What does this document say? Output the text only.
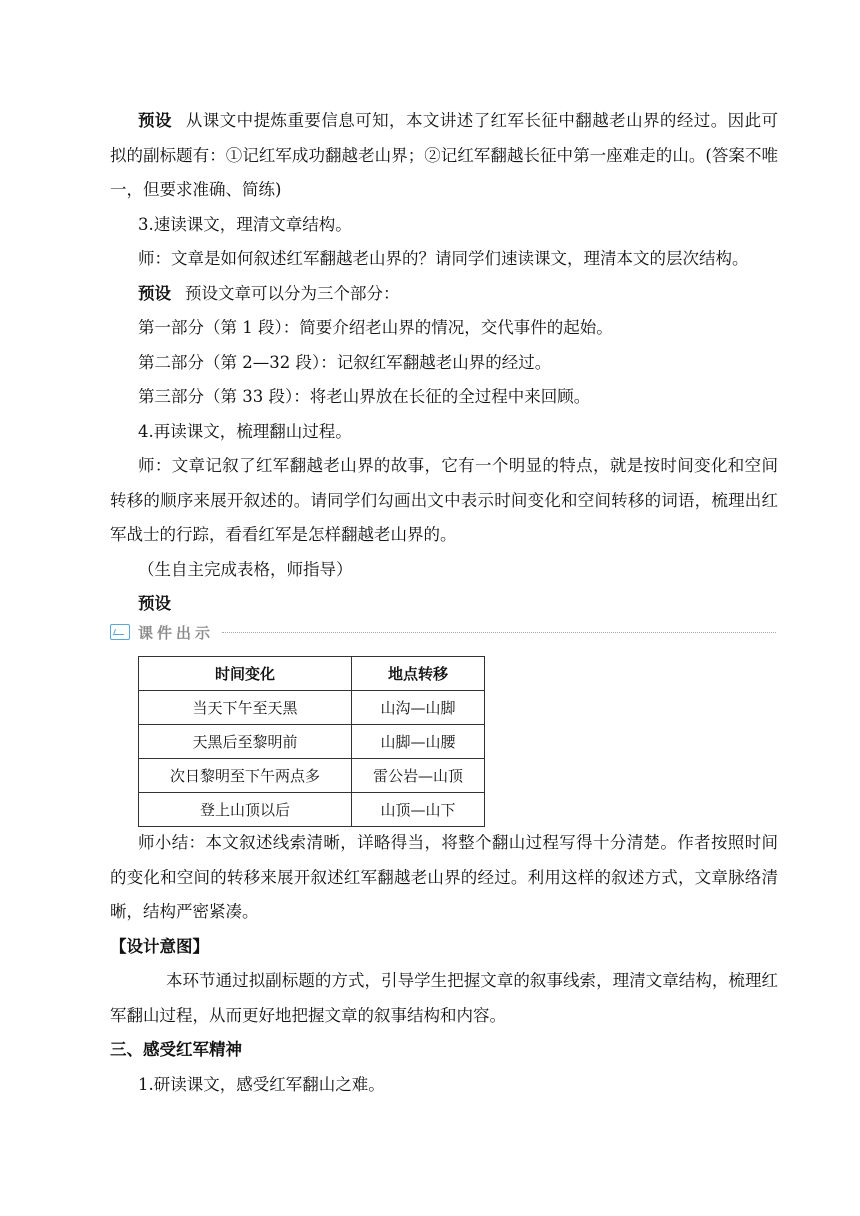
预设 从课文中提炼重要信息可知，本文讲述了红军长征中翻越老山界的经过。因此可拟的副标题有：①记红军成功翻越老山界；②记红军翻越长征中第一座难走的山。(答案不唯一，但要求准确、简练)

3.速读课文，理清文章结构。

师：文章是如何叙述红军翻越老山界的？请同学们速读课文，理清本文的层次结构。

预设 预设文章可以分为三个部分：

第一部分（第 1 段）：简要介绍老山界的情况，交代事件的起始。

第二部分（第 2—32 段）：记叙红军翻越老山界的经过。

第三部分（第 33 段）：将老山界放在长征的全过程中来回顾。

4.再读课文，梳理翻山过程。

师：文章记叙了红军翻越老山界的故事，它有一个明显的特点，就是按时间变化和空间转移的顺序来展开叙述的。请同学们勾画出文中表示时间变化和空间转移的词语，梳理出红军战士的行踪，看看红军是怎样翻越老山界的。

（生自主完成表格，师指导）

预设

课件出示
时间变化	地点转移
当天下午至天黑	山沟—山脚
天黑后至黎明前	山脚—山腰
次日黎明至下午两点多	雷公岩—山顶
登上山顶以后	山顶—山下

师小结：本文叙述线索清晰，详略得当，将整个翻山过程写得十分清楚。作者按照时间的变化和空间的转移来展开叙述红军翻越老山界的经过。利用这样的叙述方式，文章脉络清晰，结构严密紧凑。

【设计意图】

本环节通过拟副标题的方式，引导学生把握文章的叙事线索，理清文章结构，梳理红军翻山过程，从而更好地把握文章的叙事结构和内容。

三、感受红军精神

1.研读课文，感受红军翻山之难。
